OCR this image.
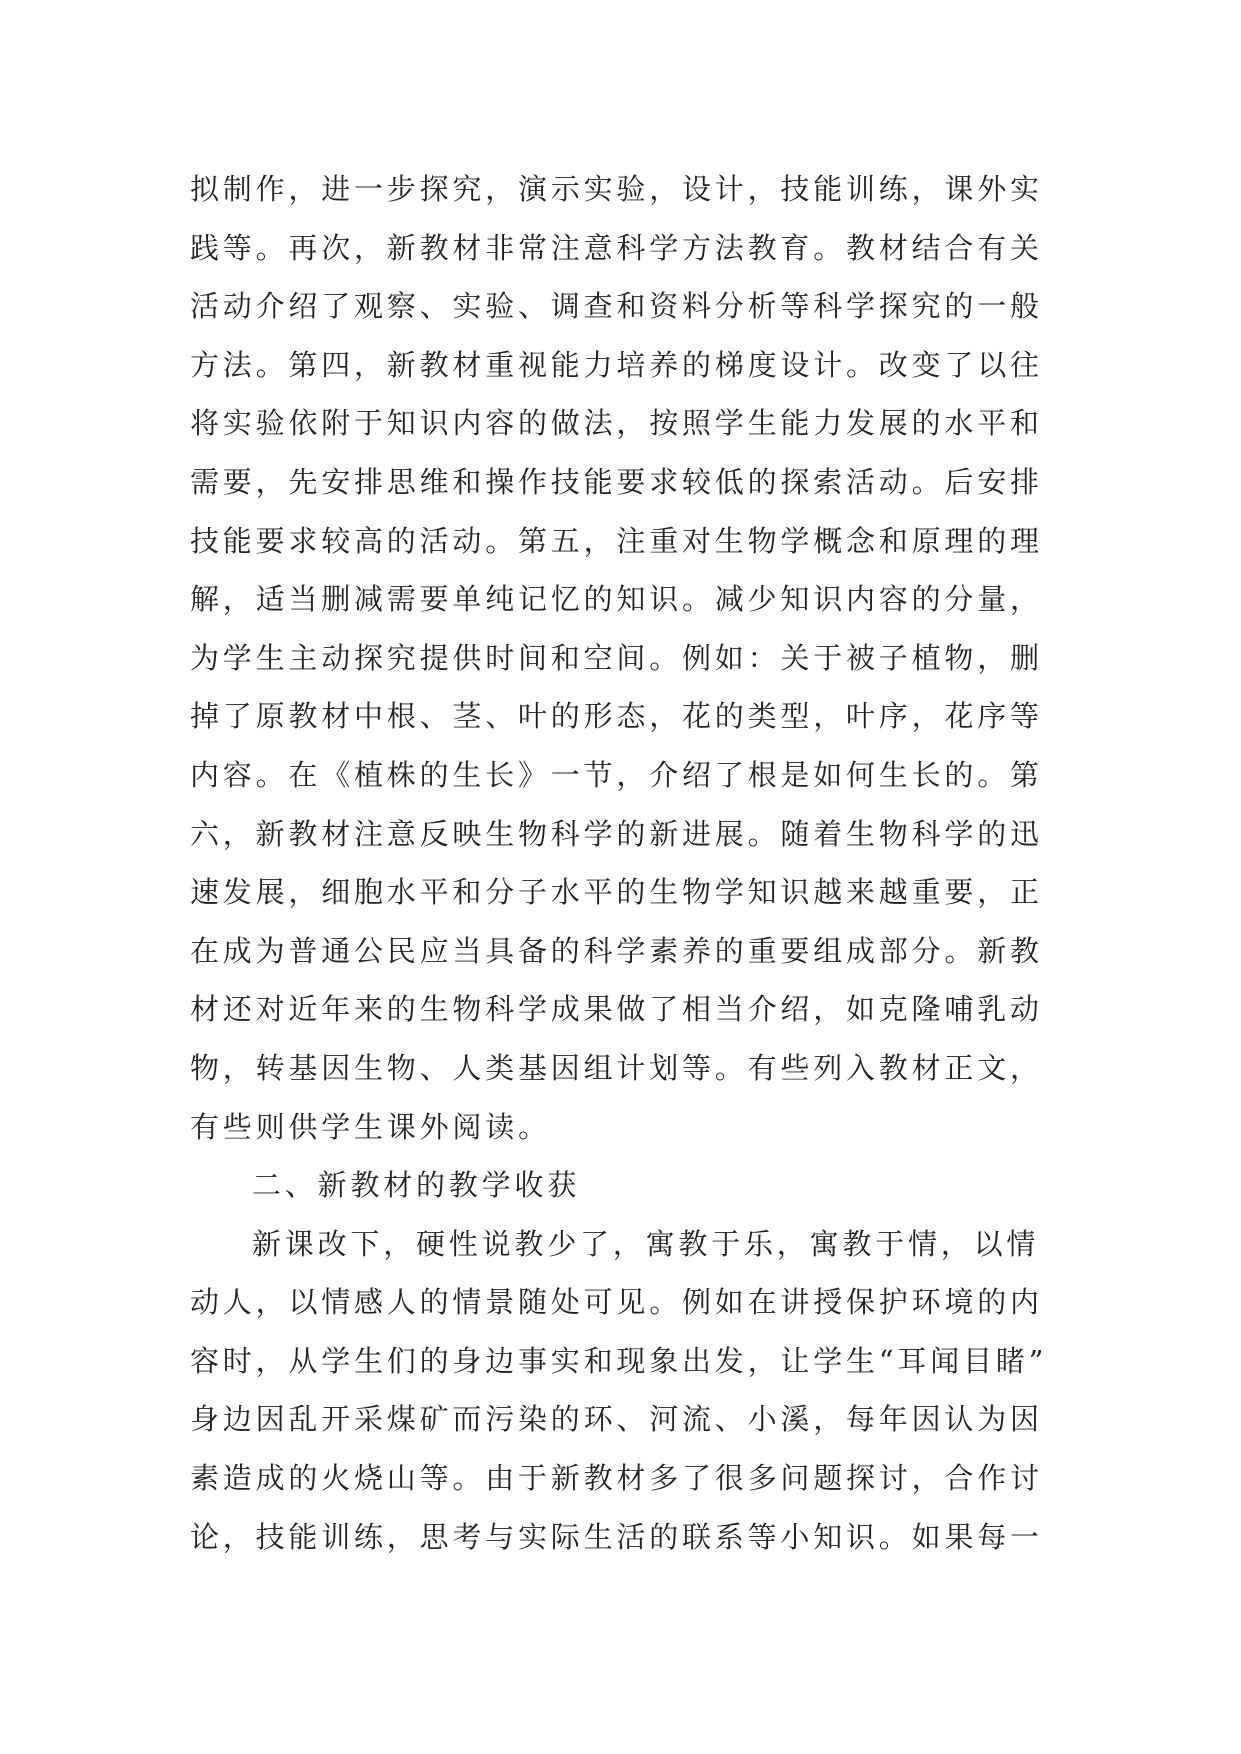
拟制作，进一步探究，演示实验，设计，技能训练，课外实
践等。再次，新教材非常注意科学方法教育。教材结合有关
活动介绍了观察、实验、调查和资料分析等科学探究的一般
方法。第四，新教材重视能力培养的梯度设计。改变了以往
将实验依附于知识内容的做法，按照学生能力发展的水平和
需要，先安排思维和操作技能要求较低的探索活动。后安排
技能要求较高的活动。第五，注重对生物学概念和原理的理
解，适当删减需要单纯记忆的知识。减少知识内容的分量，
为学生主动探究提供时间和空间。例如：关于被子植物，删
掉了原教材中根、茎、叶的形态，花的类型，叶序，花序等
内容。在《植株的生长》一节，介绍了根是如何生长的。第
六，新教材注意反映生物科学的新进展。随着生物科学的迅
速发展，细胞水平和分子水平的生物学知识越来越重要，正
在成为普通公民应当具备的科学素养的重要组成部分。新教
材还对近年来的生物科学成果做了相当介绍，如克隆哺乳动
物，转基因生物、人类基因组计划等。有些列入教材正文，
有些则供学生课外阅读。
二、新教材的教学收获
新课改下，硬性说教少了，寓教于乐，寓教于情，以情
动人，以情感人的情景随处可见。例如在讲授保护环境的内
容时，从学生们的身边事实和现象出发，让学生“耳闻目睹”
身边因乱开采煤矿而污染的环、河流、小溪，每年因认为因
素造成的火烧山等。由于新教材多了很多问题探讨，合作讨
论，技能训练，思考与实际生活的联系等小知识。如果每一
